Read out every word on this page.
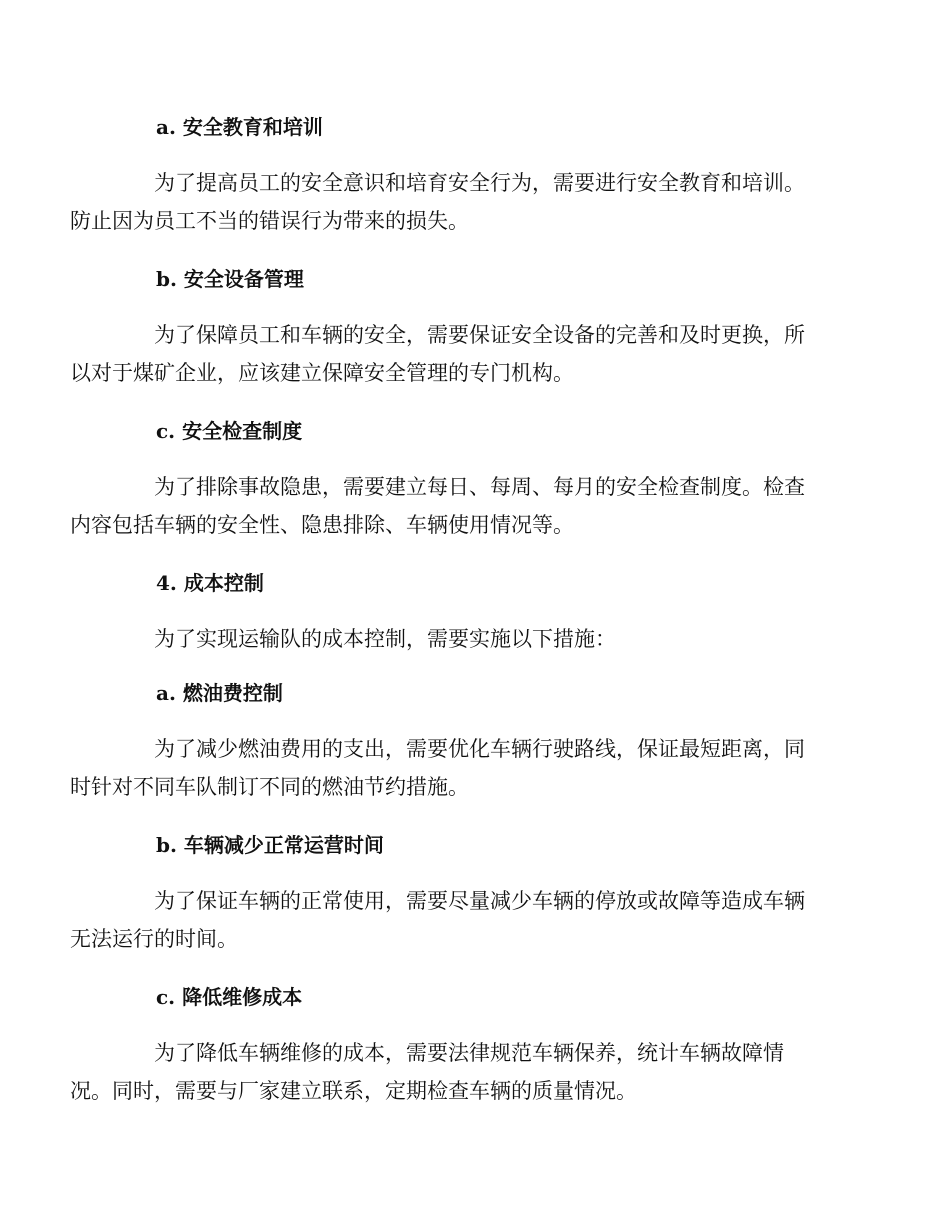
a. 安全教育和培训
为了提高员工的安全意识和培育安全行为，需要进行安全教育和培训。
防止因为员工不当的错误行为带来的损失。
b. 安全设备管理
为了保障员工和车辆的安全，需要保证安全设备的完善和及时更换，所
以对于煤矿企业，应该建立保障安全管理的专门机构。
c. 安全检查制度
为了排除事故隐患，需要建立每日、每周、每月的安全检查制度。检查
内容包括车辆的安全性、隐患排除、车辆使用情况等。
4. 成本控制
为了实现运输队的成本控制，需要实施以下措施：
a. 燃油费控制
为了减少燃油费用的支出，需要优化车辆行驶路线，保证最短距离，同
时针对不同车队制订不同的燃油节约措施。
b. 车辆减少正常运营时间
为了保证车辆的正常使用，需要尽量减少车辆的停放或故障等造成车辆
无法运行的时间。
c. 降低维修成本
为了降低车辆维修的成本，需要法律规范车辆保养，统计车辆故障情
况。同时，需要与厂家建立联系，定期检查车辆的质量情况。
